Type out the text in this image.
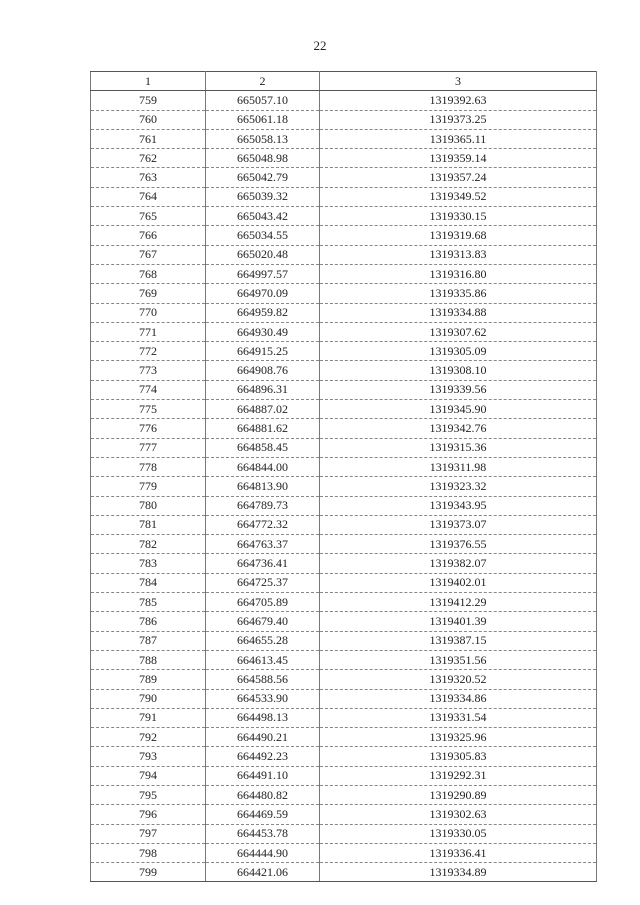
22
1	2	3
759	665057.10	1319392.63
760	665061.18	1319373.25
761	665058.13	1319365.11
762	665048.98	1319359.14
763	665042.79	1319357.24
764	665039.32	1319349.52
765	665043.42	1319330.15
766	665034.55	1319319.68
767	665020.48	1319313.83
768	664997.57	1319316.80
769	664970.09	1319335.86
770	664959.82	1319334.88
771	664930.49	1319307.62
772	664915.25	1319305.09
773	664908.76	1319308.10
774	664896.31	1319339.56
775	664887.02	1319345.90
776	664881.62	1319342.76
777	664858.45	1319315.36
778	664844.00	1319311.98
779	664813.90	1319323.32
780	664789.73	1319343.95
781	664772.32	1319373.07
782	664763.37	1319376.55
783	664736.41	1319382.07
784	664725.37	1319402.01
785	664705.89	1319412.29
786	664679.40	1319401.39
787	664655.28	1319387.15
788	664613.45	1319351.56
789	664588.56	1319320.52
790	664533.90	1319334.86
791	664498.13	1319331.54
792	664490.21	1319325.96
793	664492.23	1319305.83
794	664491.10	1319292.31
795	664480.82	1319290.89
796	664469.59	1319302.63
797	664453.78	1319330.05
798	664444.90	1319336.41
799	664421.06	1319334.89
